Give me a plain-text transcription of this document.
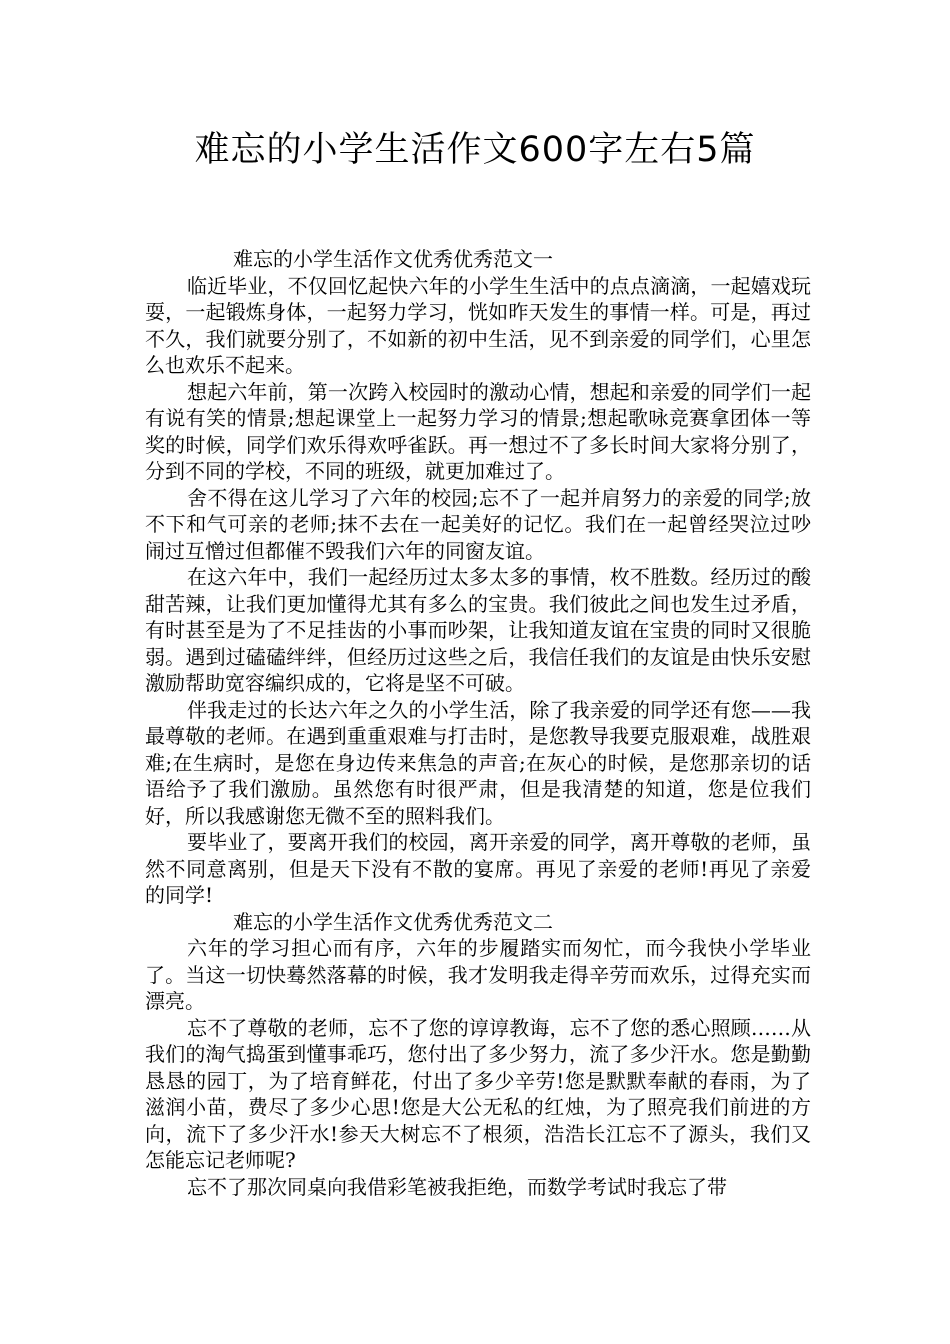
难忘的小学生活作文600字左右5篇
难忘的小学生活作文优秀优秀范文一

临近毕业，不仅回忆起快六年的小学生生活中的点点滴滴，一起嬉戏玩耍，一起锻炼身体，一起努力学习，恍如昨天发生的事情一样。可是，再过不久，我们就要分别了，不如新的初中生活，见不到亲爱的同学们，心里怎么也欢乐不起来。

想起六年前，第一次跨入校园时的激动心情，想起和亲爱的同学们一起有说有笑的情景;想起课堂上一起努力学习的情景;想起歌咏竞赛拿团体一等奖的时候，同学们欢乐得欢呼雀跃。再一想过不了多长时间大家将分别了，分到不同的学校，不同的班级，就更加难过了。

舍不得在这儿学习了六年的校园;忘不了一起并肩努力的亲爱的同学;放不下和气可亲的老师;抹不去在一起美好的记忆。我们在一起曾经哭泣过吵闹过互憎过但都催不毁我们六年的同窗友谊。

在这六年中，我们一起经历过太多太多的事情，枚不胜数。经历过的酸甜苦辣，让我们更加懂得尤其有多么的宝贵。我们彼此之间也发生过矛盾，有时甚至是为了不足挂齿的小事而吵架，让我知道友谊在宝贵的同时又很脆弱。遇到过磕磕绊绊，但经历过这些之后，我信任我们的友谊是由快乐安慰激励帮助宽容编织成的，它将是坚不可破。

伴我走过的长达六年之久的小学生活，除了我亲爱的同学还有您——我最尊敬的老师。在遇到重重艰难与打击时，是您教导我要克服艰难，战胜艰难;在生病时，是您在身边传来焦急的声音;在灰心的时候，是您那亲切的话语给予了我们激励。虽然您有时很严肃，但是我清楚的知道，您是位我们好，所以我感谢您无微不至的照料我们。

要毕业了，要离开我们的校园，离开亲爱的同学，离开尊敬的老师，虽然不同意离别，但是天下没有不散的宴席。再见了亲爱的老师!再见了亲爱的同学!

难忘的小学生活作文优秀优秀范文二

六年的学习担心而有序，六年的步履踏实而匆忙，而今我快小学毕业了。当这一切快蓦然落幕的时候，我才发明我走得辛劳而欢乐，过得充实而漂亮。

忘不了尊敬的老师，忘不了您的谆谆教诲，忘不了您的悉心照顾……从我们的淘气捣蛋到懂事乖巧，您付出了多少努力，流了多少汗水。您是勤勤恳恳的园丁，为了培育鲜花，付出了多少辛劳!您是默默奉献的春雨，为了滋润小苗，费尽了多少心思!您是大公无私的红烛，为了照亮我们前进的方向，流下了多少汗水!参天大树忘不了根须，浩浩长江忘不了源头，我们又怎能忘记老师呢?

忘不了那次同桌向我借彩笔被我拒绝，而数学考试时我忘了带
